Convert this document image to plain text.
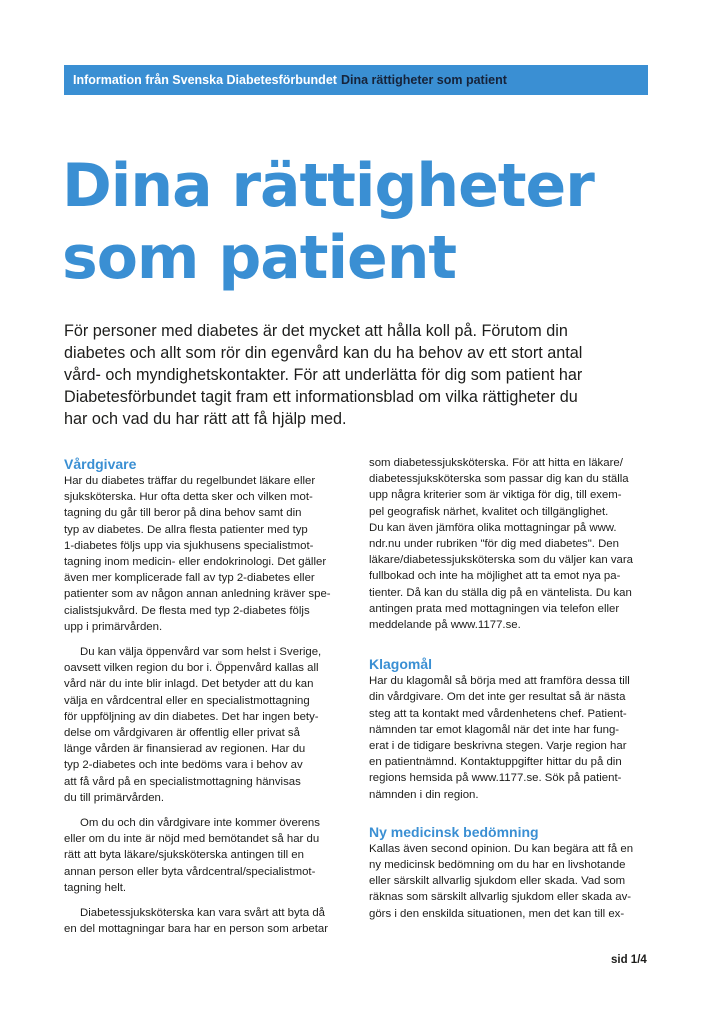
Information från Svenska Diabetesförbundet Dina rättigheter som patient
Dina rättigheter
som patient
För personer med diabetes är det mycket att hålla koll på. Förutom din
diabetes och allt som rör din egenvård kan du ha behov av ett stort antal
vård- och myndighetskontakter. För att underlätta för dig som patient har
Diabetesförbundet tagit fram ett informationsblad om vilka rättigheter du
har och vad du har rätt att få hjälp med.
Vårdgivare
Har du diabetes träffar du regelbundet läkare eller
sjuksköterska. Hur ofta detta sker och vilken mot-
tagning du går till beror på dina behov samt din
typ av diabetes. De allra flesta patienter med typ
1-diabetes följs upp via sjukhusens specialistmot-
tagning inom medicin- eller endokrinologi. Det gäller
även mer komplicerade fall av typ 2-diabetes eller
patienter som av någon annan anledning kräver spe-
cialistsjukvård. De flesta med typ 2-diabetes följs
upp i primärvården.
Du kan välja öppenvård var som helst i Sverige,
oavsett vilken region du bor i. Öppenvård kallas all
vård när du inte blir inlagd. Det betyder att du kan
välja en vårdcentral eller en specialistmottagning
för uppföljning av din diabetes. Det har ingen bety-
delse om vårdgivaren är offentlig eller privat så
länge vården är finansierad av regionen. Har du
typ 2-diabetes och inte bedöms vara i behov av
att få vård på en specialistmottagning hänvisas
du till primärvården.
Om du och din vårdgivare inte kommer överens
eller om du inte är nöjd med bemötandet så har du
rätt att byta läkare/sjuksköterska antingen till en
annan person eller byta vårdcentral/specialistmot-
tagning helt.
Diabetessjuksköterska kan vara svårt att byta då
en del mottagningar bara har en person som arbetar
som diabetessjuksköterska. För att hitta en läkare/
diabetessjuksköterska som passar dig kan du ställa
upp några kriterier som är viktiga för dig, till exem-
pel geografisk närhet, kvalitet och tillgänglighet.
Du kan även jämföra olika mottagningar på www.
ndr.nu under rubriken "för dig med diabetes". Den
läkare/diabetessjuksköterska som du väljer kan vara
fullbokad och inte ha möjlighet att ta emot nya pa-
tienter. Då kan du ställa dig på en väntelista. Du kan
antingen prata med mottagningen via telefon eller
meddelande på www.1177.se.
Klagomål
Har du klagomål så börja med att framföra dessa till
din vårdgivare. Om det inte ger resultat så är nästa
steg att ta kontakt med vårdenhetens chef. Patient-
nämnden tar emot klagomål när det inte har fung-
erat i de tidigare beskrivna stegen. Varje region har
en patientnämnd. Kontaktuppgifter hittar du på din
regions hemsida på www.1177.se. Sök på patient-
nämnden i din region.
Ny medicinsk bedömning
Kallas även second opinion. Du kan begära att få en
ny medicinsk bedömning om du har en livshotande
eller särskilt allvarlig sjukdom eller skada. Vad som
räknas som särskilt allvarlig sjukdom eller skada av-
görs i den enskilda situationen, men det kan till ex-
sid 1/4
